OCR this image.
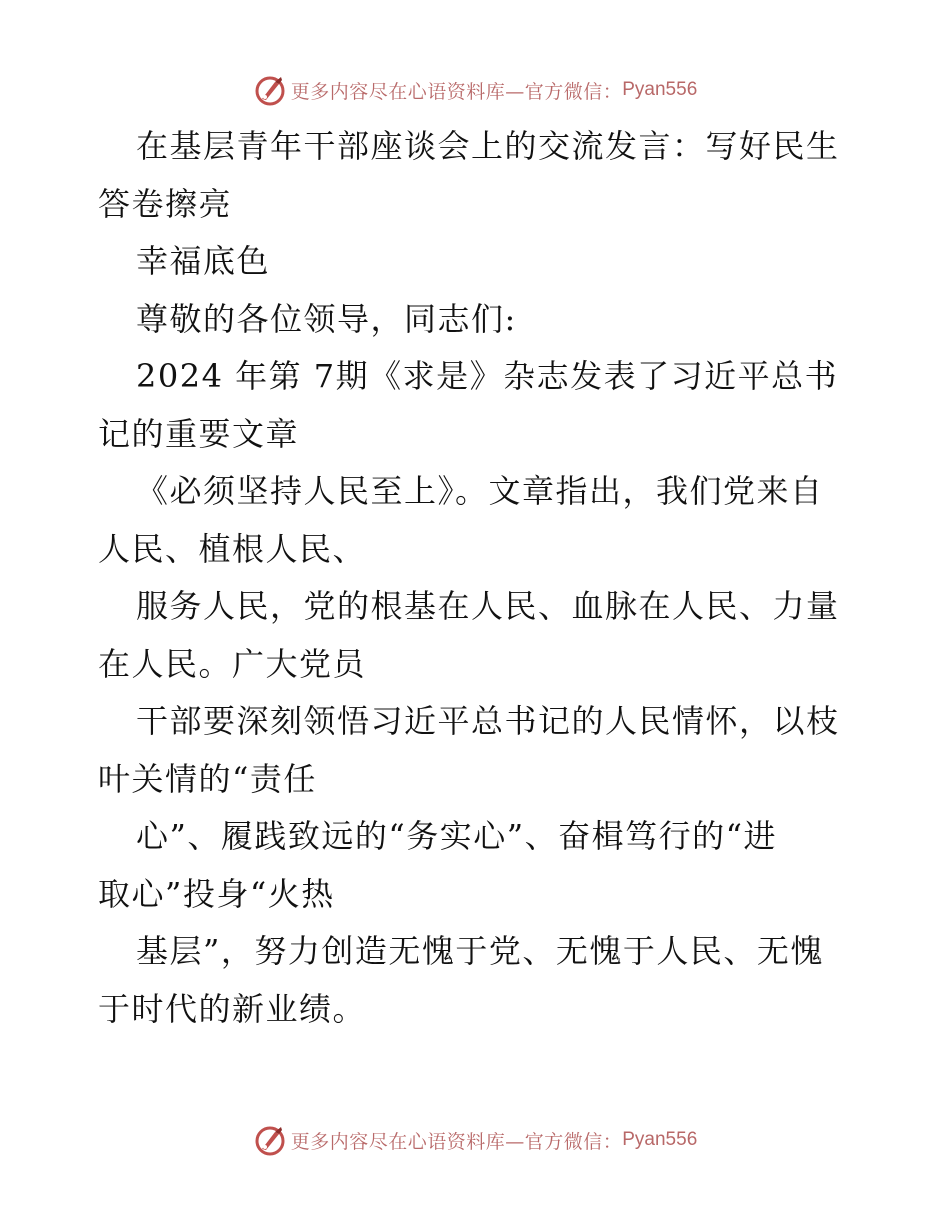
更多内容尽在心语资料库—官方微信： Pyan556
在基层青年干部座谈会上的交流发言：写好民生
答卷擦亮
幸福底色
尊敬的各位领导，同志们:
2024 年第 7期《求是》杂志发表了习近平总书
记的重要文章
《必须坚持人民至上》。文章指出，我们党来自
人民、植根人民、
服务人民，党的根基在人民、血脉在人民、力量
在人民。广大党员
干部要深刻领悟习近平总书记的人民情怀，以枝
叶关情的“责任
心”、履践致远的“务实心”、奋楫笃行的“进
取心”投身“火热
基层”，努力创造无愧于党、无愧于人民、无愧
于时代的新业绩。
更多内容尽在心语资料库—官方微信： Pyan556
